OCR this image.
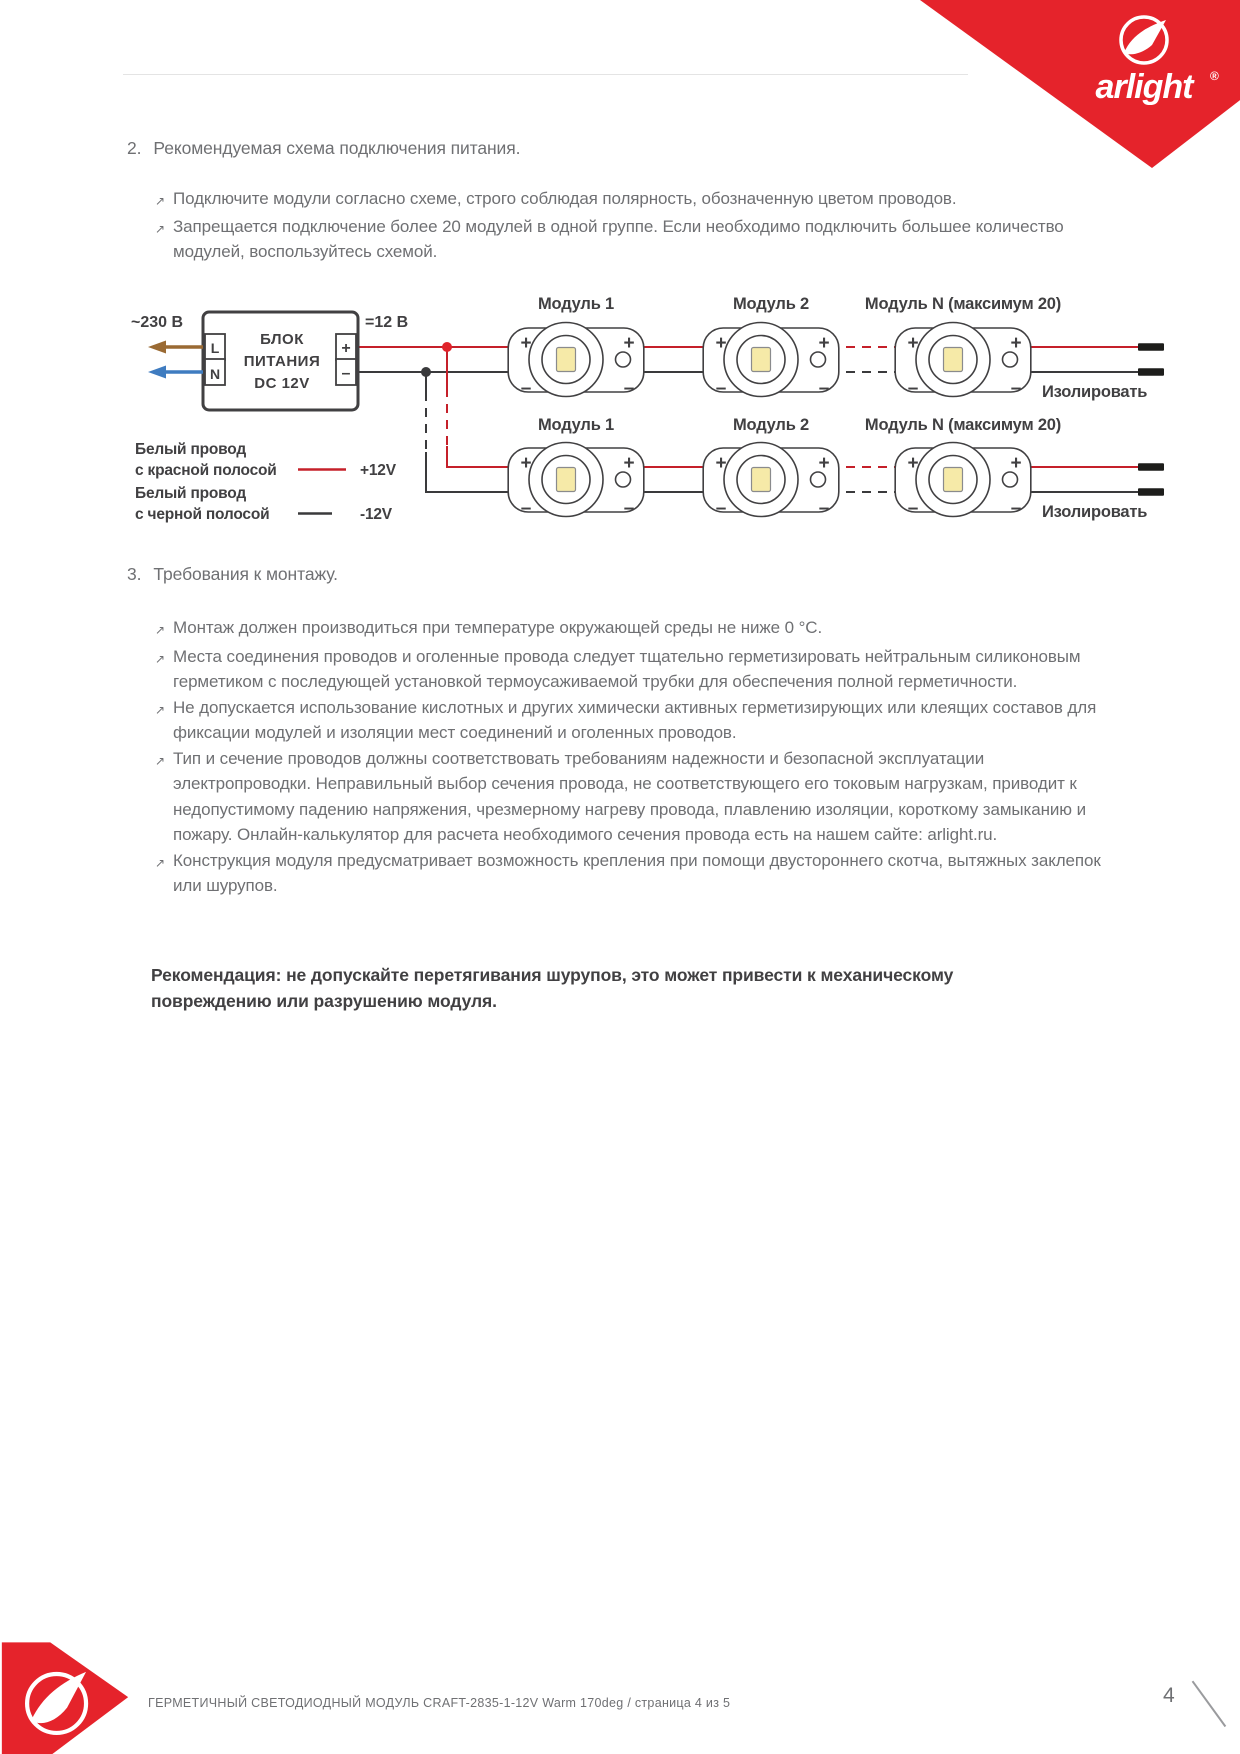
arlight ®
2. Рекомендуемая схема подключения питания.
↗ Подключите модули согласно схеме, строго соблюдая полярность, обозначенную цветом проводов.
↗ Запрещается подключение более 20 модулей в одной группе. Если необходимо подключить большее количество модулей, воспользуйтесь схемой.
L
N
+
–
БЛОК
ПИТАНИЯ
DC 12V
~230 В	=12 В
Модуль 1	Модуль 2	Модуль N (максимум 20)
Модуль 1	Модуль 2	Модуль N (максимум 20)
Изолировать
Изолировать
Белый провод
с красной полосой	+12V
Белый провод
с черной полосой	-12V
3. Требования к монтажу.
↗ Монтаж должен производиться при температуре окружающей среды не ниже 0 °C.
↗ Места соединения проводов и оголенные провода следует тщательно герметизировать нейтральным силиконовым герметиком с последующей установкой термоусаживаемой трубки для обеспечения полной герметичности.
↗ Не допускается использование кислотных и других химически активных герметизирующих или клеящих составов для фиксации модулей и изоляции мест соединений и оголенных проводов.
↗ Тип и сечение проводов должны соответствовать требованиям надежности и безопасной эксплуатации электропроводки. Неправильный выбор сечения провода, не соответствующего его токовым нагрузкам, приводит к недопустимому падению напряжения, чрезмерному нагреву провода, плавлению изоляции, короткому замыканию и пожару. Онлайн-калькулятор для расчета необходимого сечения провода есть на нашем сайте: arlight.ru.
↗ Конструкция модуля предусматривает возможность крепления при помощи двустороннего скотча, вытяжных заклепок или шурупов.
Рекомендация: не допускайте перетягивания шурупов, это может привести к механическому повреждению или разрушению модуля.
ГЕРМЕТИЧНЫЙ СВЕТОДИОДНЫЙ МОДУЛЬ CRAFT-2835-1-12V Warm 170deg / страница 4 из 5	4
